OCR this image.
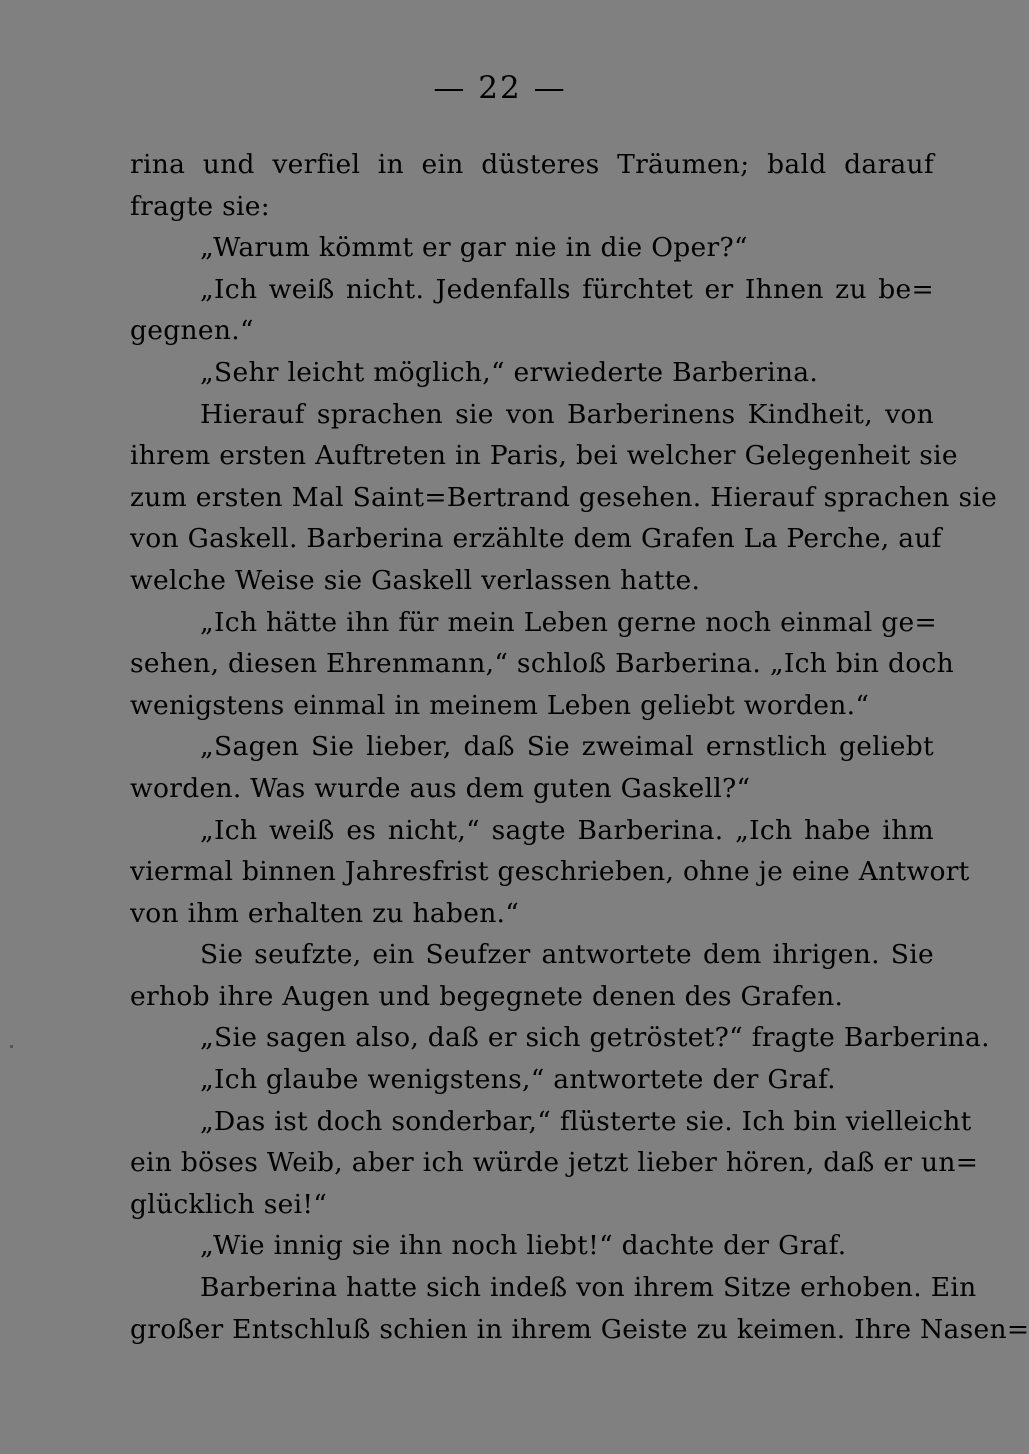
— 22 —
rina und verfiel in ein düsteres Träumen; bald darauf
fragte sie:
„Warum kömmt er gar nie in die Oper?“
„Ich weiß nicht. Jedenfalls fürchtet er Ihnen zu be=
gegnen.“
„Sehr leicht möglich,“ erwiederte Barberina.
Hierauf sprachen sie von Barberinens Kindheit, von
ihrem ersten Auftreten in Paris, bei welcher Gelegenheit sie
zum ersten Mal Saint=Bertrand gesehen. Hierauf sprachen sie
von Gaskell. Barberina erzählte dem Grafen La Perche, auf
welche Weise sie Gaskell verlassen hatte.
„Ich hätte ihn für mein Leben gerne noch einmal ge=
sehen, diesen Ehrenmann,“ schloß Barberina. „Ich bin doch
wenigstens einmal in meinem Leben geliebt worden.“
„Sagen Sie lieber, daß Sie zweimal ernstlich geliebt
worden. Was wurde aus dem guten Gaskell?“
„Ich weiß es nicht,“ sagte Barberina. „Ich habe ihm
viermal binnen Jahresfrist geschrieben, ohne je eine Antwort
von ihm erhalten zu haben.“
Sie seufzte, ein Seufzer antwortete dem ihrigen. Sie
erhob ihre Augen und begegnete denen des Grafen.
„Sie sagen also, daß er sich getröstet?“ fragte Barberina.
„Ich glaube wenigstens,“ antwortete der Graf.
„Das ist doch sonderbar,“ flüsterte sie. Ich bin vielleicht
ein böses Weib, aber ich würde jetzt lieber hören, daß er un=
glücklich sei!“
„Wie innig sie ihn noch liebt!“ dachte der Graf.
Barberina hatte sich indeß von ihrem Sitze erhoben. Ein
großer Entschluß schien in ihrem Geiste zu keimen. Ihre Nasen=
